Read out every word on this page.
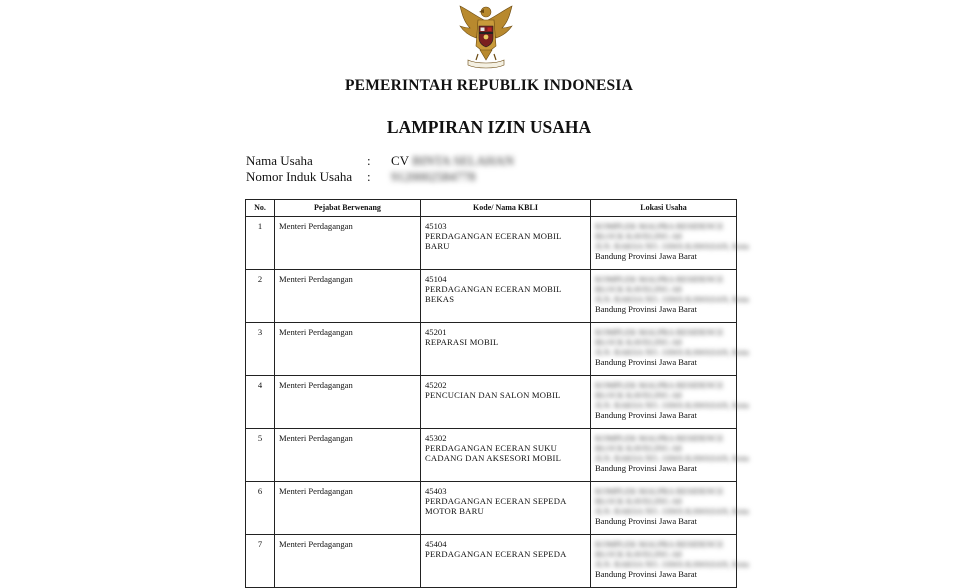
PEMERINTAH REPUBLIK INDONESIA
LAMPIRAN IZIN USAHA
Nama Usaha	: CV BINTA SELAHAN
Nomor Induk Usaha : 9120002584778
No.	Pejabat Berwenang	Kode/ Nama KBLI	Lokasi Usaha
1	Menteri Perdagangan	45103
PERDAGANGAN ECERAN MOBIL BARU	KOMPLEK MALPRA RESIDENCE
BLOCK KAVELING A8
JLN. RAKSA NO. JAWA KAWASAN, Kota
Bandung Provinsi Jawa Barat

2	Menteri Perdagangan	45104
PERDAGANGAN ECERAN MOBIL BEKAS	KOMPLEK MALPRA RESIDENCE
BLOCK KAVELING A8
JLN. RAKSA NO. JAWA KAWASAN, Kota
Bandung Provinsi Jawa Barat

3	Menteri Perdagangan	45201
REPARASI MOBIL	KOMPLEK MALPRA RESIDENCE
BLOCK KAVELING A8
JLN. RAKSA NO. JAWA KAWASAN, Kota
Bandung Provinsi Jawa Barat

4	Menteri Perdagangan	45202
PENCUCIAN DAN SALON MOBIL	KOMPLEK MALPRA RESIDENCE
BLOCK KAVELING A8
JLN. RAKSA NO. JAWA KAWASAN, Kota
Bandung Provinsi Jawa Barat

5	Menteri Perdagangan	45302
PERDAGANGAN ECERAN SUKU CADANG DAN AKSESORI MOBIL	KOMPLEK MALPRA RESIDENCE
BLOCK KAVELING A8
JLN. RAKSA NO. JAWA KAWASAN, Kota
Bandung Provinsi Jawa Barat

6	Menteri Perdagangan	45403
PERDAGANGAN ECERAN SEPEDA MOTOR BARU	KOMPLEK MALPRA RESIDENCE
BLOCK KAVELING A8
JLN. RAKSA NO. JAWA KAWASAN, Kota
Bandung Provinsi Jawa Barat

7	Menteri Perdagangan	45404
PERDAGANGAN ECERAN SEPEDA	KOMPLEK MALPRA RESIDENCE
BLOCK KAVELING A8
JLN. RAKSA NO. JAWA KAWASAN, Kota
Bandung Provinsi Jawa Barat
